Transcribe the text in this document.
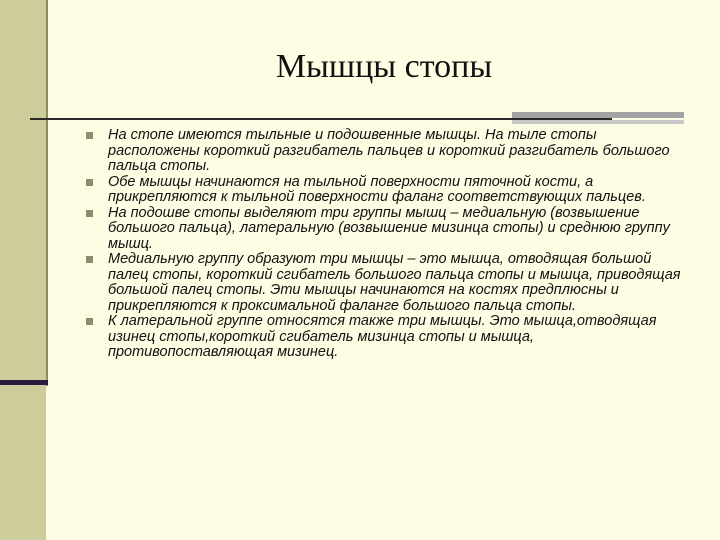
Мышцы стопы
На стопе имеются тыльные и подошвенные мышцы. На тыле стопы расположены короткий разгибатель пальцев и короткий разгибатель большого пальца стопы.
Обе мышцы начинаются на тыльной поверхности пяточной кости, а прикрепляются к тыльной поверхности фаланг соответствующих пальцев.
На подошве стопы выделяют три группы мышц – медиальную (возвышение большого пальца), латеральную (возвышение мизинца стопы) и среднюю группу мышц.
Медиальную группу образуют три мышцы – это мышца, отводящая большой палец стопы, короткий сгибатель большого пальца стопы и мышца, приводящая большой палец стопы. Эти мышцы начинаются на костях предплюсны и прикрепляются к проксимальной фаланге большого пальца стопы.
К латеральной группе относятся также три мышцы. Это мышца,отводящая изинец стопы,короткий сгибатель мизинца стопы и мышца, противопоставляющая мизинец.
